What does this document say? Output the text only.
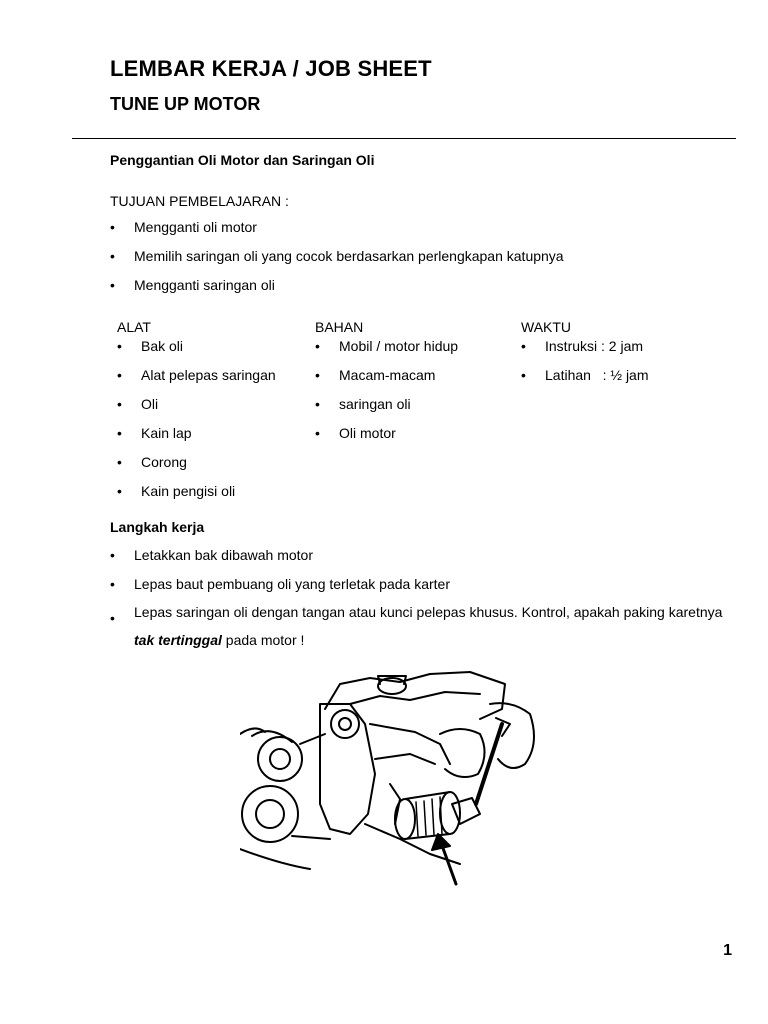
LEMBAR KERJA / JOB SHEET
TUNE UP MOTOR
Penggantian Oli Motor dan Saringan Oli
TUJUAN PEMBELAJARAN :
• Mengganti oli motor
• Memilih saringan oli yang cocok berdasarkan perlengkapan katupnya
• Mengganti saringan oli
ALAT
• Bak oli
• Alat pelepas saringan
• Oli
• Kain lap
• Corong
• Kain pengisi oli
BAHAN
• Mobil / motor hidup
• Macam-macam
• saringan oli
• Oli motor
WAKTU
• Instruksi : 2 jam
• Latihan   : ½ jam
Langkah kerja
• Letakkan bak dibawah motor
• Lepas baut pembuang oli yang terletak pada karter
• Lepas saringan oli dengan tangan atau kunci pelepas khusus. Kontrol, apakah paking karetnya tak tertinggal pada motor !
1
